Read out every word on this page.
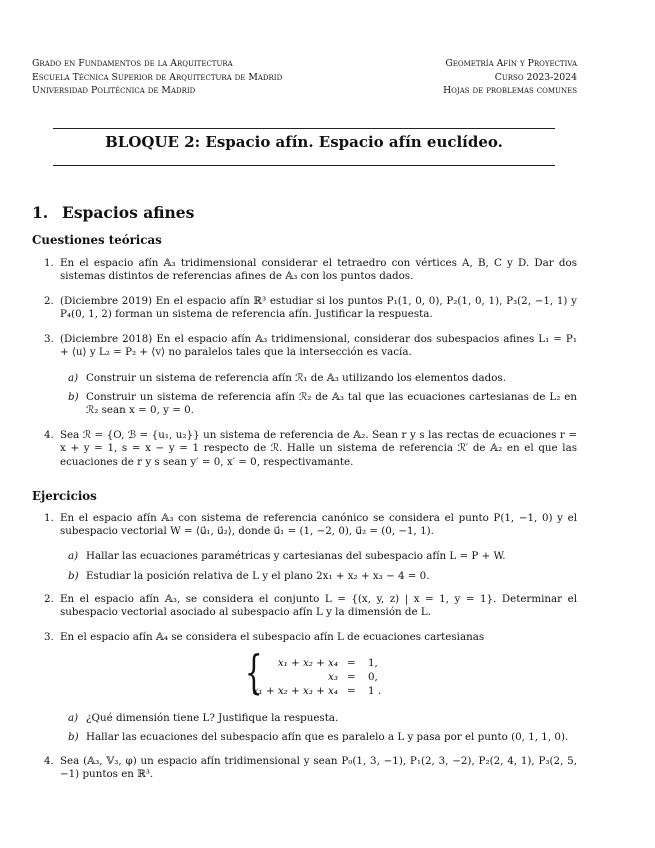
Grado en Fundamentos de la Arquitectura
Escuela Técnica Superior de Arquitectura de Madrid
Universidad Politécnica de Madrid
Geometría Afín y Proyectiva
Curso 2023-2024
Hojas de problemas comunes
BLOQUE 2: Espacio afín. Espacio afín euclídeo.
1. Espacios afines
Cuestiones teóricas
1. En el espacio afín 𝔸₃ tridimensional considerar el tetraedro con vértices A, B, C y D. Dar dos sistemas distintos de referencias afines de 𝔸₃ con los puntos dados.
2. (Diciembre 2019) En el espacio afín ℝ³ estudiar si los puntos P₁(1, 0, 0), P₂(1, 0, 1), P₃(2, −1, 1) y P₄(0, 1, 2) forman un sistema de referencia afín. Justificar la respuesta.
3. (Diciembre 2018) En el espacio afín 𝔸₃ tridimensional, considerar dos subespacios afines L₁ = P₁ + ⟨u⟩ y L₂ = P₂ + ⟨v⟩ no paralelos tales que la intersección es vacía.
a) Construir un sistema de referencia afín ℛ₁ de 𝔸₃ utilizando los elementos dados.
b) Construir un sistema de referencia afín ℛ₂ de 𝔸₃ tal que las ecuaciones cartesianas de L₂ en ℛ₂ sean x = 0, y = 0.
4. Sea ℛ = {O, ℬ = {u₁, u₂}} un sistema de referencia de 𝔸₂. Sean r y s las rectas de ecuaciones r = x + y = 1, s = x − y = 1 respecto de ℛ. Halle un sistema de referencia ℛ′ de 𝔸₂ en el que las ecuaciones de r y s sean y′ = 0, x′ = 0, respectivamante.
Ejercicios
1. En el espacio afín 𝔸₃ con sistema de referencia canónico se considera el punto P(1, −1, 0) y el subespacio vectorial W = ⟨u⃗₁, u⃗₂⟩, donde u⃗₁ = (1, −2, 0), u⃗₂ = (0, −1, 1).
a) Hallar las ecuaciones paramétricas y cartesianas del subespacio afín L = P + W.
b) Estudiar la posición relativa de L y el plano 2x₁ + x₂ + x₃ − 4 = 0.
2. En el espacio afín 𝔸₃, se considera el conjunto L = {(x, y, z) | x = 1, y = 1}. Determinar el subespacio vectorial asociado al subespacio afín L y la dimensión de L.
3. En el espacio afín 𝔸₄ se considera el subespacio afín L de ecuaciones cartesianas
{ x₁ + x₂ + x₄ = 1,
x₃ = 0,
x₁ + x₂ + x₃ + x₄ = 1 .
a) ¿Qué dimensión tiene L? Justifique la respuesta.
b) Hallar las ecuaciones del subespacio afín que es paralelo a L y pasa por el punto (0, 1, 1, 0).
4. Sea (𝔸₃, 𝕍₃, φ) un espacio afín tridimensional y sean P₀(1, 3, −1), P₁(2, 3, −2), P₂(2, 4, 1), P₃(2, 5, −1) puntos en ℝ³.
